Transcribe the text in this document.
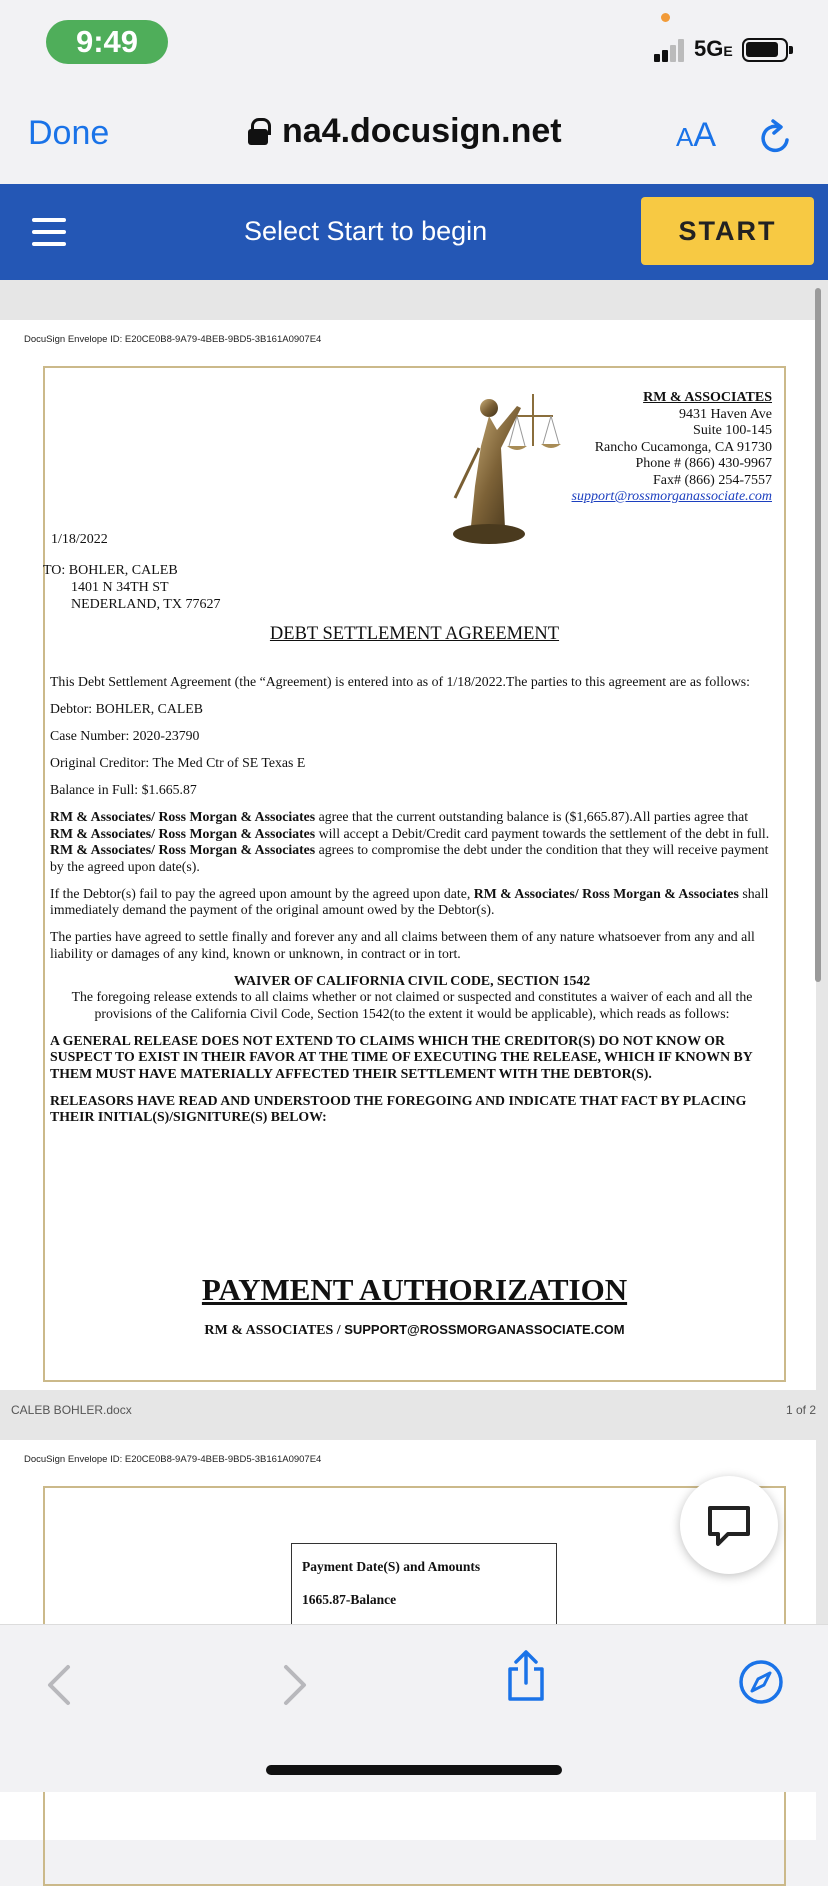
9:49	5GE
Done	na4.docusign.net	AA
Select Start to begin	START
DocuSign Envelope ID: E20CE0B8-9A79-4BEB-9BD5-3B161A0907E4
RM & ASSOCIATES
9431 Haven Ave
Suite 100-145
Rancho Cucamonga, CA 91730
Phone # (866) 430-9967
Fax# (866) 254-7557
support@rossmorganassociate.com
1/18/2022
TO: BOHLER, CALEB
1401 N 34TH ST
NEDERLAND, TX 77627
DEBT SETTLEMENT AGREEMENT

This Debt Settlement Agreement (the “Agreement) is entered into as of 1/18/2022.The parties to this agreement are as follows:

Debtor: BOHLER, CALEB

Case Number: 2020-23790

Original Creditor: The Med Ctr of SE Texas E

Balance in Full: $1.665.87

RM & Associates/ Ross Morgan & Associates agree that the current outstanding balance is ($1,665.87).All parties agree that RM & Associates/ Ross Morgan & Associates will accept a Debit/Credit card payment towards the settlement of the debt in full. RM & Associates/ Ross Morgan & Associates agrees to compromise the debt under the condition that they will receive payment by the agreed upon date(s).

If the Debtor(s) fail to pay the agreed upon amount by the agreed upon date, RM & Associates/ Ross Morgan & Associates shall immediately demand the payment of the original amount owed by the Debtor(s).

The parties have agreed to settle finally and forever any and all claims between them of any nature whatsoever from any and all liability or damages of any kind, known or unknown, in contract or in tort.

WAIVER OF CALIFORNIA CIVIL CODE, SECTION 1542

The foregoing release extends to all claims whether or not claimed or suspected and constitutes a waiver of each and all the provisions of the California Civil Code, Section 1542(to the extent it would be applicable), which reads as follows:

A GENERAL RELEASE DOES NOT EXTEND TO CLAIMS WHICH THE CREDITOR(S) DO NOT KNOW OR SUSPECT TO EXIST IN THEIR FAVOR AT THE TIME OF EXECUTING THE RELEASE, WHICH IF KNOWN BY THEM MUST HAVE MATERIALLY AFFECTED THEIR SETTLEMENT WITH THE DEBTOR(S).

RELEASORS HAVE READ AND UNDERSTOOD THE FOREGOING AND INDICATE THAT FACT BY PLACING THEIR INITIAL(S)/SIGNITURE(S) BELOW:

PAYMENT AUTHORIZATION
RM & ASSOCIATES / SUPPORT@ROSSMORGANASSOCIATE.COM
CALEB BOHLER.docx	1 of 2
DocuSign Envelope ID: E20CE0B8-9A79-4BEB-9BD5-3B161A0907E4
Payment Date(S) and Amounts
1665.87-Balance
